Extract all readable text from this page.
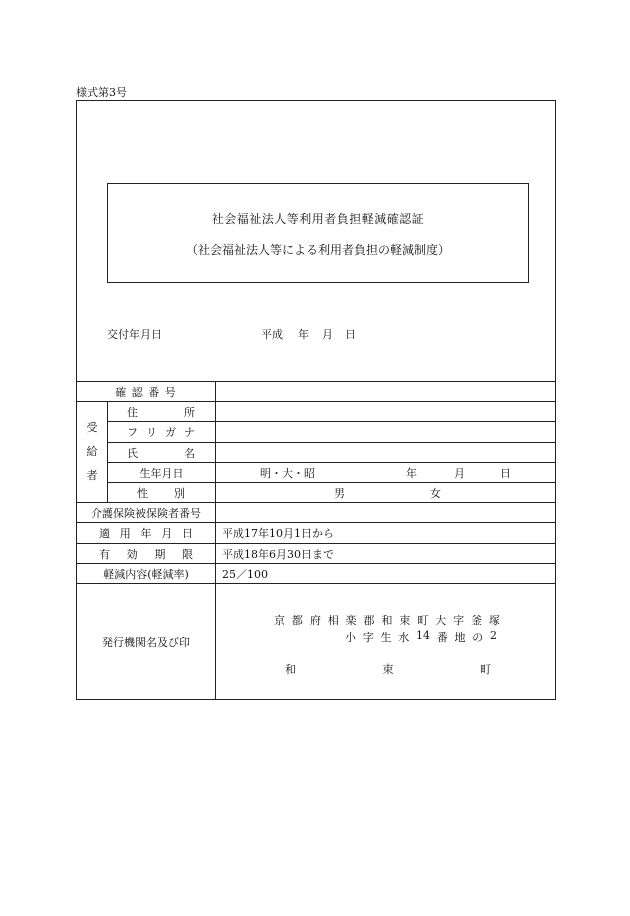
様式第3号
社会福祉法人等利用者負担軽減確認証
（社会福祉法人等による利用者負担の軽減制度）
交付年月日	平成 年 月 日
確 認 番 号
受
給
者
住	所
フ リ ガ ナ
氏	名
生年月日	明・大・昭	年	月	日
性 別	男	女
介護保険被保険者番号
適 用 年 月 日	平成17年10月1日から
有 効 期 限	平成18年6月30日まで
軽減内容(軽減率)	25／100
発行機関名及び印
京 都 府 相 楽 郡 和 束 町 大 字 釜 塚
小 字 生 水 14 番 地 の 2
和	束	町
